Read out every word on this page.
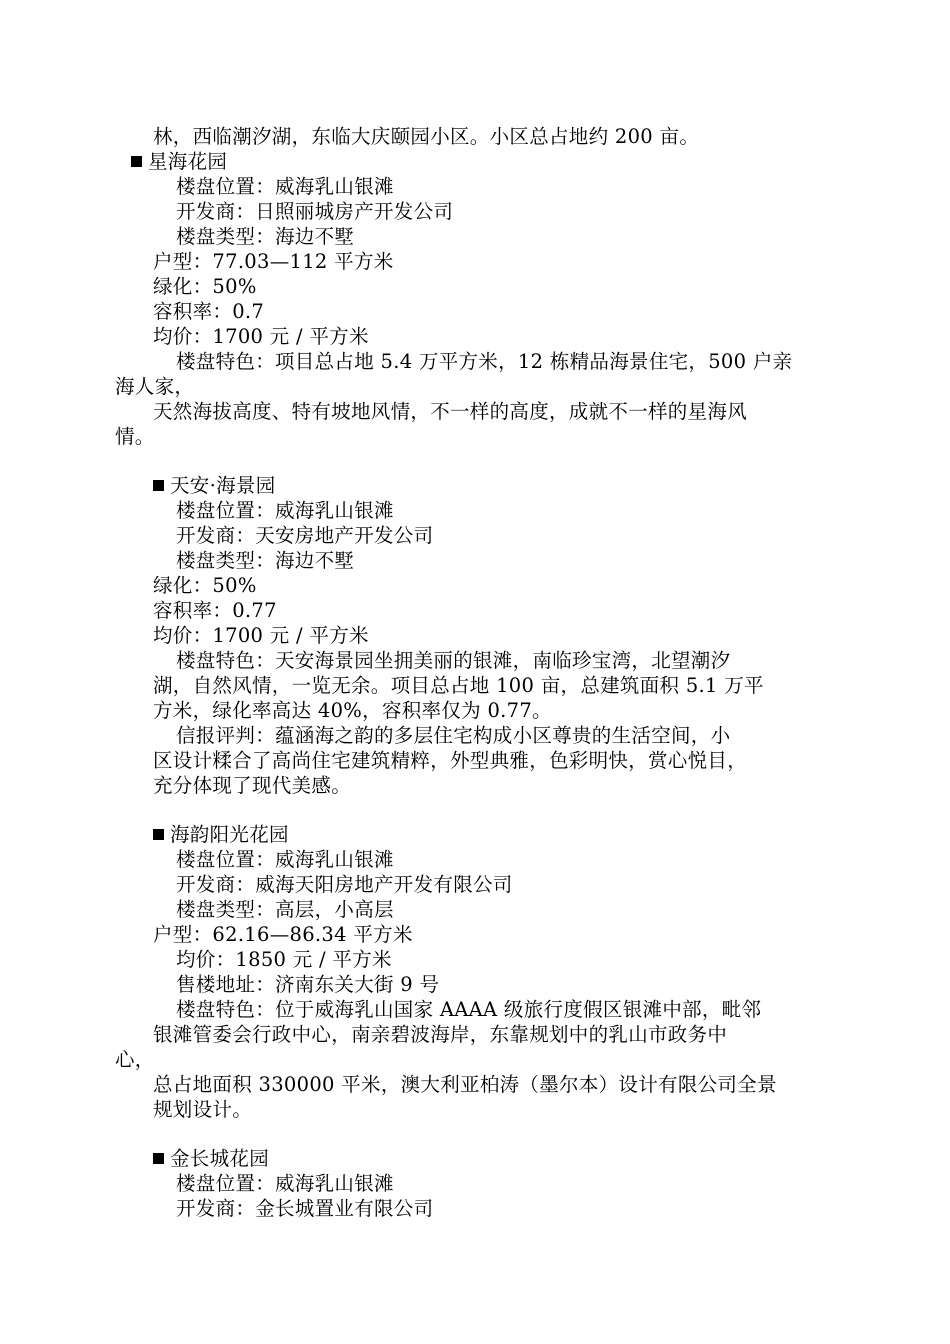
林，西临潮汐湖，东临大庆颐园小区。小区总占地约 200 亩。
星海花园
楼盘位置：威海乳山银滩
开发商：日照丽城房产开发公司
楼盘类型：海边不墅
户型：77.03—112 平方米
绿化：50%
容积率：0.7
均价：1700 元 / 平方米
楼盘特色：项目总占地 5.4 万平方米，12 栋精品海景住宅，500 户亲
海人家，
天然海拔高度、特有坡地风情，不一样的高度，成就不一样的星海风
情。
天安·海景园
楼盘位置：威海乳山银滩
开发商：天安房地产开发公司
楼盘类型：海边不墅
绿化：50%
容积率：0.77
均价：1700 元 / 平方米
楼盘特色：天安海景园坐拥美丽的银滩，南临珍宝湾，北望潮汐
湖，自然风情，一览无余。项目总占地 100 亩，总建筑面积 5.1 万平
方米，绿化率高达 40%，容积率仅为 0.77。
信报评判：蕴涵海之韵的多层住宅构成小区尊贵的生活空间，小
区设计糅合了高尚住宅建筑精粹，外型典雅，色彩明快，赏心悦目，
充分体现了现代美感。
海韵阳光花园
楼盘位置：威海乳山银滩
开发商：威海天阳房地产开发有限公司
楼盘类型：高层，小高层
户型：62.16—86.34 平方米
均价：1850 元 / 平方米
售楼地址：济南东关大街 9 号
楼盘特色：位于威海乳山国家 AAAA 级旅行度假区银滩中部，毗邻
银滩管委会行政中心，南亲碧波海岸，东靠规划中的乳山市政务中
心，
总占地面积 330000 平米，澳大利亚柏涛（墨尔本）设计有限公司全景
规划设计。
金长城花园
楼盘位置：威海乳山银滩
开发商：金长城置业有限公司
